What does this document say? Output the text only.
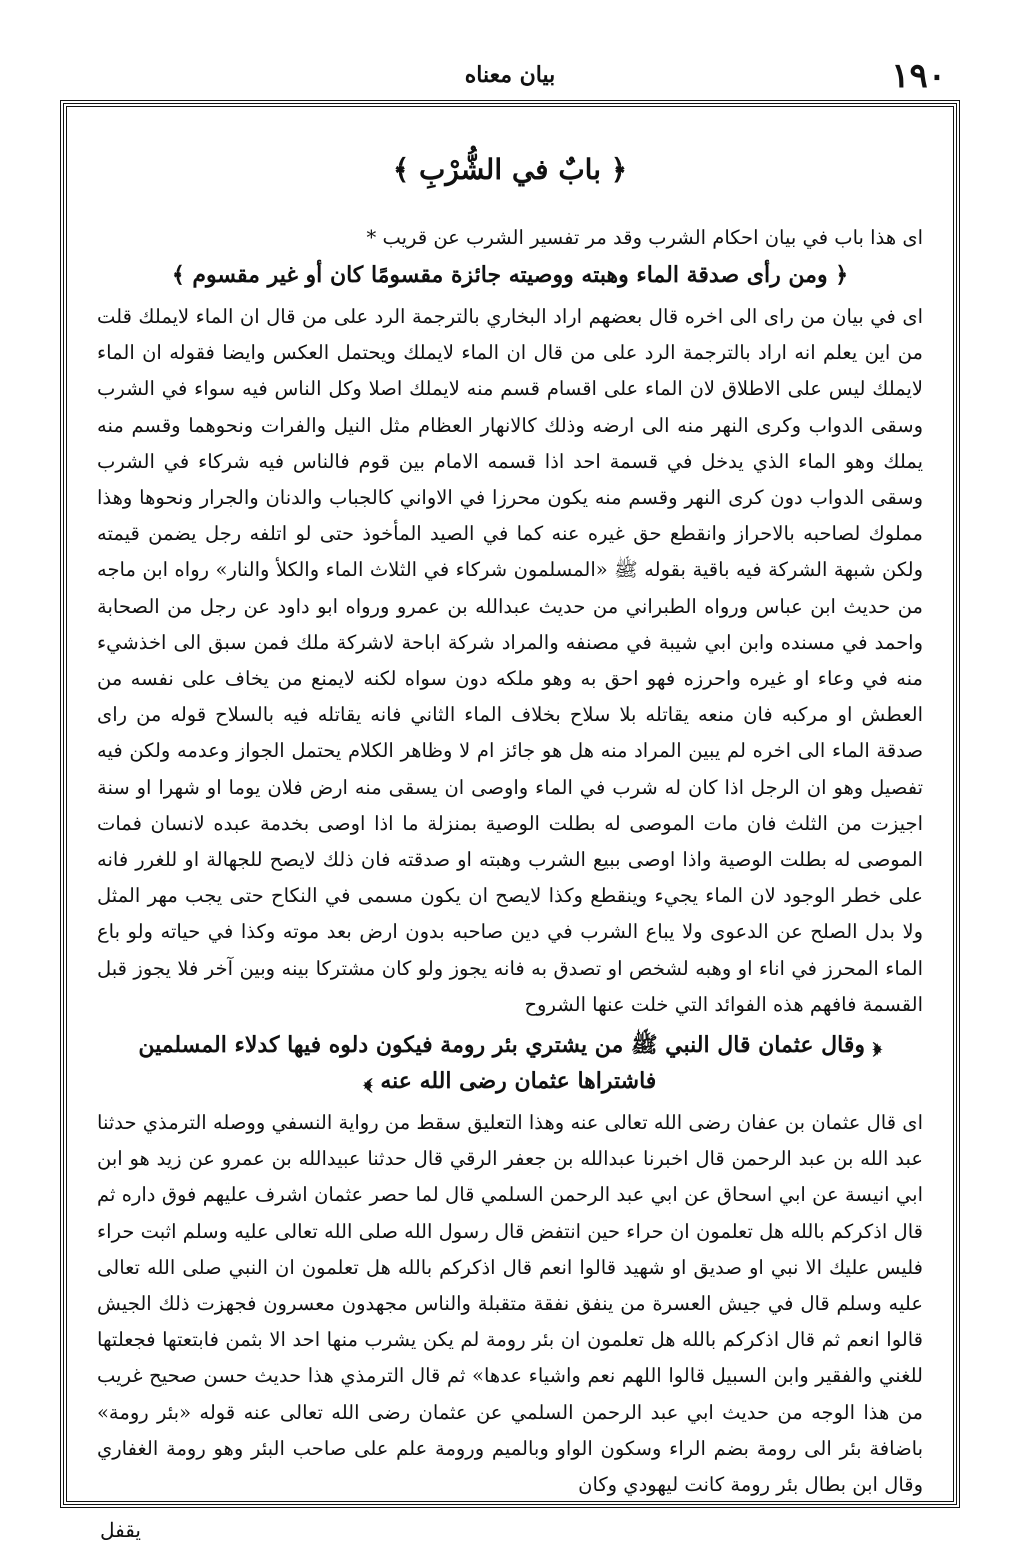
۱۹۰
بيان معناه
﴿ بابٌ في الشُّرْبِ ﴾

اى هذا باب في بيان احكام الشرب وقد مر تفسير الشرب عن قريب *

﴿ ومن رأى صدقة الماء وهبته ووصيته جائزة مقسومًا كان أو غير مقسوم ﴾

اى في بيان من راى الى اخره قال بعضهم اراد البخاري بالترجمة الرد على من قال ان الماء لايملك قلت من اين يعلم انه اراد بالترجمة الرد على من قال ان الماء لايملك ويحتمل العكس وايضا فقوله ان الماء لايملك ليس على الاطلاق لان الماء على اقسام قسم منه لايملك اصلا وكل الناس فيه سواء في الشرب وسقى الدواب وكرى النهر منه الى ارضه وذلك كالانهار العظام مثل النيل والفرات ونحوهما وقسم منه يملك وهو الماء الذي يدخل في قسمة احد اذا قسمه الامام بين قوم فالناس فيه شركاء في الشرب وسقى الدواب دون كرى النهر وقسم منه يكون محرزا في الاواني كالجباب والدنان والجرار ونحوها وهذا مملوك لصاحبه بالاحراز وانقطع حق غيره عنه كما في الصيد المأخوذ حتى لو اتلفه رجل يضمن قيمته ولكن شبهة الشركة فيه باقية بقوله ﷺ «المسلمون شركاء في الثلاث الماء والكلأ والنار» رواه ابن ماجه من حديث ابن عباس ورواه الطبراني من حديث عبدالله بن عمرو ورواه ابو داود عن رجل من الصحابة واحمد في مسنده وابن ابي شيبة في مصنفه والمراد شركة اباحة لاشركة ملك فمن سبق الى اخذشيء منه في وعاء او غيره واحرزه فهو احق به وهو ملكه دون سواه لكنه لايمنع من يخاف على نفسه من العطش او مركبه فان منعه يقاتله بلا سلاح بخلاف الماء الثاني فانه يقاتله فيه بالسلاح قوله من راى صدقة الماء الى اخره لم يبين المراد منه هل هو جائز ام لا وظاهر الكلام يحتمل الجواز وعدمه ولكن فيه تفصيل وهو ان الرجل اذا كان له شرب في الماء واوصى ان يسقى منه ارض فلان يوما او شهرا او سنة اجيزت من الثلث فان مات الموصى له بطلت الوصية بمنزلة ما اذا اوصى بخدمة عبده لانسان فمات الموصى له بطلت الوصية واذا اوصى ببيع الشرب وهبته او صدقته فان ذلك لايصح للجهالة او للغرر فانه على خطر الوجود لان الماء يجيء وينقطع وكذا لايصح ان يكون مسمى في النكاح حتى يجب مهر المثل ولا بدل الصلح عن الدعوى ولا يباع الشرب في دين صاحبه بدون ارض بعد موته وكذا في حياته ولو باع الماء المحرز في اناء او وهبه لشخص او تصدق به فانه يجوز ولو كان مشتركا بينه وبين آخر فلا يجوز قبل القسمة فافهم هذه الفوائد التي خلت عنها الشروح

﴿ وقال عثمان قال النبي ﷺ من يشتري بئر رومة فيكون دلوه فيها كدلاء المسلمين فاشتراها عثمان رضى الله عنه ﴾

اى قال عثمان بن عفان رضى الله تعالى عنه وهذا التعليق سقط من رواية النسفي ووصله الترمذي حدثنا عبد الله بن عبد الرحمن قال اخبرنا عبدالله بن جعفر الرقي قال حدثنا عبيدالله بن عمرو عن زيد هو ابن ابي انيسة عن ابي اسحاق عن ابي عبد الرحمن السلمي قال لما حصر عثمان اشرف عليهم فوق داره ثم قال اذكركم بالله هل تعلمون ان حراء حين انتفض قال رسول الله صلى الله تعالى عليه وسلم اثبت حراء فليس عليك الا نبي او صديق او شهيد قالوا انعم قال اذكركم بالله هل تعلمون ان النبي صلى الله تعالى عليه وسلم قال في جيش العسرة من ينفق نفقة متقبلة والناس مجهدون معسرون فجهزت ذلك الجيش قالوا انعم ثم قال اذكركم بالله هل تعلمون ان بئر رومة لم يكن يشرب منها احد الا بثمن فابتعتها فجعلتها للغني والفقير وابن السبيل قالوا اللهم نعم واشياء عدها» ثم قال الترمذي هذا حديث حسن صحيح غريب من هذا الوجه من حديث ابي عبد الرحمن السلمي عن عثمان رضى الله تعالى عنه قوله «بئر رومة» باضافة بئر الى رومة بضم الراء وسكون الواو وبالميم ورومة علم على صاحب البئر وهو رومة الغفاري وقال ابن بطال بئر رومة كانت ليهودي وكان

يقفل
